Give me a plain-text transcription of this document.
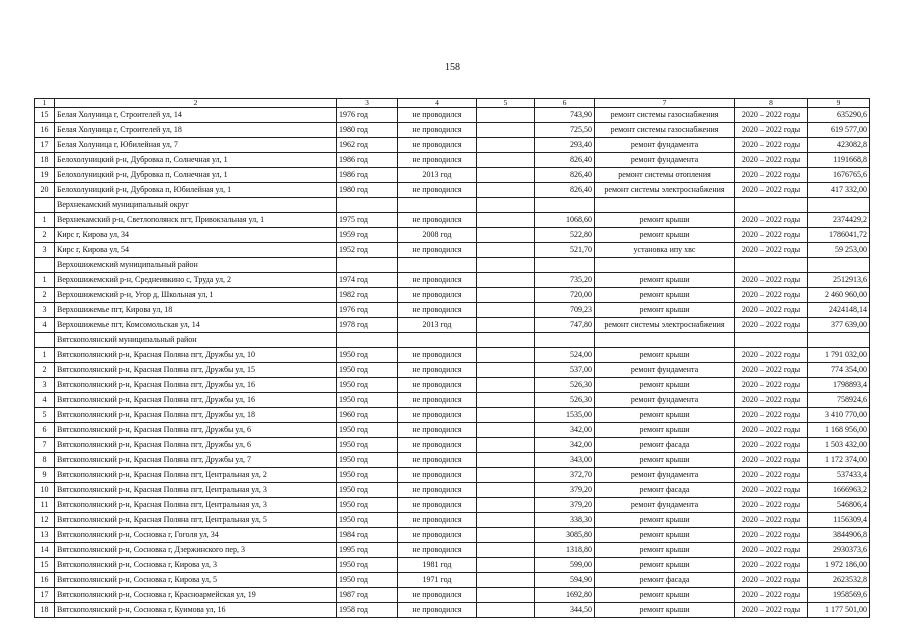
158
1	2	3	4	5	6	7	8	9
15	Белая Холуница г, Строителей ул, 14	1976 год	не проводился		743,90	ремонт системы газоснабжения	2020 – 2022 годы	635290,6
16	Белая Холуница г, Строителей ул, 18	1980 год	не проводился		725,50	ремонт системы газоснабжения	2020 – 2022 годы	619 577,00
17	Белая Холуница г, Юбилейная ул, 7	1962 год	не проводился		293,40	ремонт фундамента	2020 – 2022 годы	423082,8
18	Белохолуницкий р-н, Дубровка п, Солнечная ул, 1	1986 год	не проводился		826,40	ремонт фундамента	2020 – 2022 годы	1191668,8
19	Белохолуницкий р-н, Дубровка п, Солнечная ул, 1	1986 год	2013 год		826,40	ремонт системы отопления	2020 – 2022 годы	1676765,6
20	Белохолуницкий р-н, Дубровка п, Юбилейная ул, 1	1980 год	не проводился		826,40	ремонт системы электроснабжения	2020 – 2022 годы	417 332,00
	Верхнекамский муниципальный округ							
1	Верхнекамский р-н, Светлополянск пгт, Привокзальная ул, 1	1975 год	не проводился		1068,60	ремонт крыши	2020 – 2022 годы	2374429,2
2	Кирс г, Кирова ул, 34	1959 год	2008 год		522,80	ремонт крыши	2020 – 2022 годы	1786041,72
3	Кирс г, Кирова ул, 54	1952 год	не проводился		521,70	установка ипу хвс	2020 – 2022 годы	59 253,00
	Верхошижемский муниципальный район							
1	Верхошижемский р-н, Среднеивкино с, Труда ул, 2	1974 год	не проводился		735,20	ремонт крыши	2020 – 2022 годы	2512913,6
2	Верхошижемский р-н, Угор д, Школьная ул, 1	1982 год	не проводился		720,00	ремонт крыши	2020 – 2022 годы	2 460 960,00
3	Верхошижемье пгт, Кирова ул, 18	1976 год	не проводился		709,23	ремонт крыши	2020 – 2022 годы	2424148,14
4	Верхошижемье пгт, Комсомольская ул, 14	1978 год	2013 год		747,80	ремонт системы электроснабжения	2020 – 2022 годы	377 639,00
	Вятскополянский муниципальный район							
1	Вятскополянский р-н, Красная Поляна пгт, Дружбы ул, 10	1950 год	не проводился		524,00	ремонт крыши	2020 – 2022 годы	1 791 032,00
2	Вятскополянский р-н, Красная Поляна пгт, Дружбы ул, 15	1950 год	не проводился		537,00	ремонт фундамента	2020 – 2022 годы	774 354,00
3	Вятскополянский р-н, Красная Поляна пгт, Дружбы ул, 16	1950 год	не проводился		526,30	ремонт крыши	2020 – 2022 годы	1798893,4
4	Вятскополянский р-н, Красная Поляна пгт, Дружбы ул, 16	1950 год	не проводился		526,30	ремонт фундамента	2020 – 2022 годы	758924,6
5	Вятскополянский р-н, Красная Поляна пгт, Дружбы ул, 18	1960 год	не проводился		1535,00	ремонт крыши	2020 – 2022 годы	3 410 770,00
6	Вятскополянский р-н, Красная Поляна пгт, Дружбы ул, 6	1950 год	не проводился		342,00	ремонт крыши	2020 – 2022 годы	1 168 956,00
7	Вятскополянский р-н, Красная Поляна пгт, Дружбы ул, 6	1950 год	не проводился		342,00	ремонт фасада	2020 – 2022 годы	1 503 432,00
8	Вятскополянский р-н, Красная Поляна пгт, Дружбы ул, 7	1950 год	не проводился		343,00	ремонт крыши	2020 – 2022 годы	1 172 374,00
9	Вятскополянский р-н, Красная Поляна пгт, Центральная ул, 2	1950 год	не проводился		372,70	ремонт фундамента	2020 – 2022 годы	537433,4
10	Вятскополянский р-н, Красная Поляна пгт, Центральная ул, 3	1950 год	не проводился		379,20	ремонт фасада	2020 – 2022 годы	1666963,2
11	Вятскополянский р-н, Красная Поляна пгт, Центральная ул, 3	1950 год	не проводился		379,20	ремонт фундамента	2020 – 2022 годы	546806,4
12	Вятскополянский р-н, Красная Поляна пгт, Центральная ул, 5	1950 год	не проводился		338,30	ремонт крыши	2020 – 2022 годы	1156309,4
13	Вятскополянский р-н, Сосновка г, Гоголя ул, 34	1984 год	не проводился		3085,80	ремонт крыши	2020 – 2022 годы	3844906,8
14	Вятскополянский р-н, Сосновка г, Дзержинского пер, 3	1995 год	не проводился		1318,80	ремонт крыши	2020 – 2022 годы	2930373,6
15	Вятскополянский р-н, Сосновка г, Кирова ул, 3	1950 год	1981 год		599,00	ремонт крыши	2020 – 2022 годы	1 972 186,00
16	Вятскополянский р-н, Сосновка г, Кирова ул, 5	1950 год	1971 год		594,90	ремонт фасада	2020 – 2022 годы	2623532,8
17	Вятскополянский р-н, Сосновка г, Красноармейская ул, 19	1987 год	не проводился		1692,80	ремонт крыши	2020 – 2022 годы	1958569,6
18	Вятскополянский р-н, Сосновка г, Куимова ул, 16	1958 год	не проводился		344,50	ремонт крыши	2020 – 2022 годы	1 177 501,00
